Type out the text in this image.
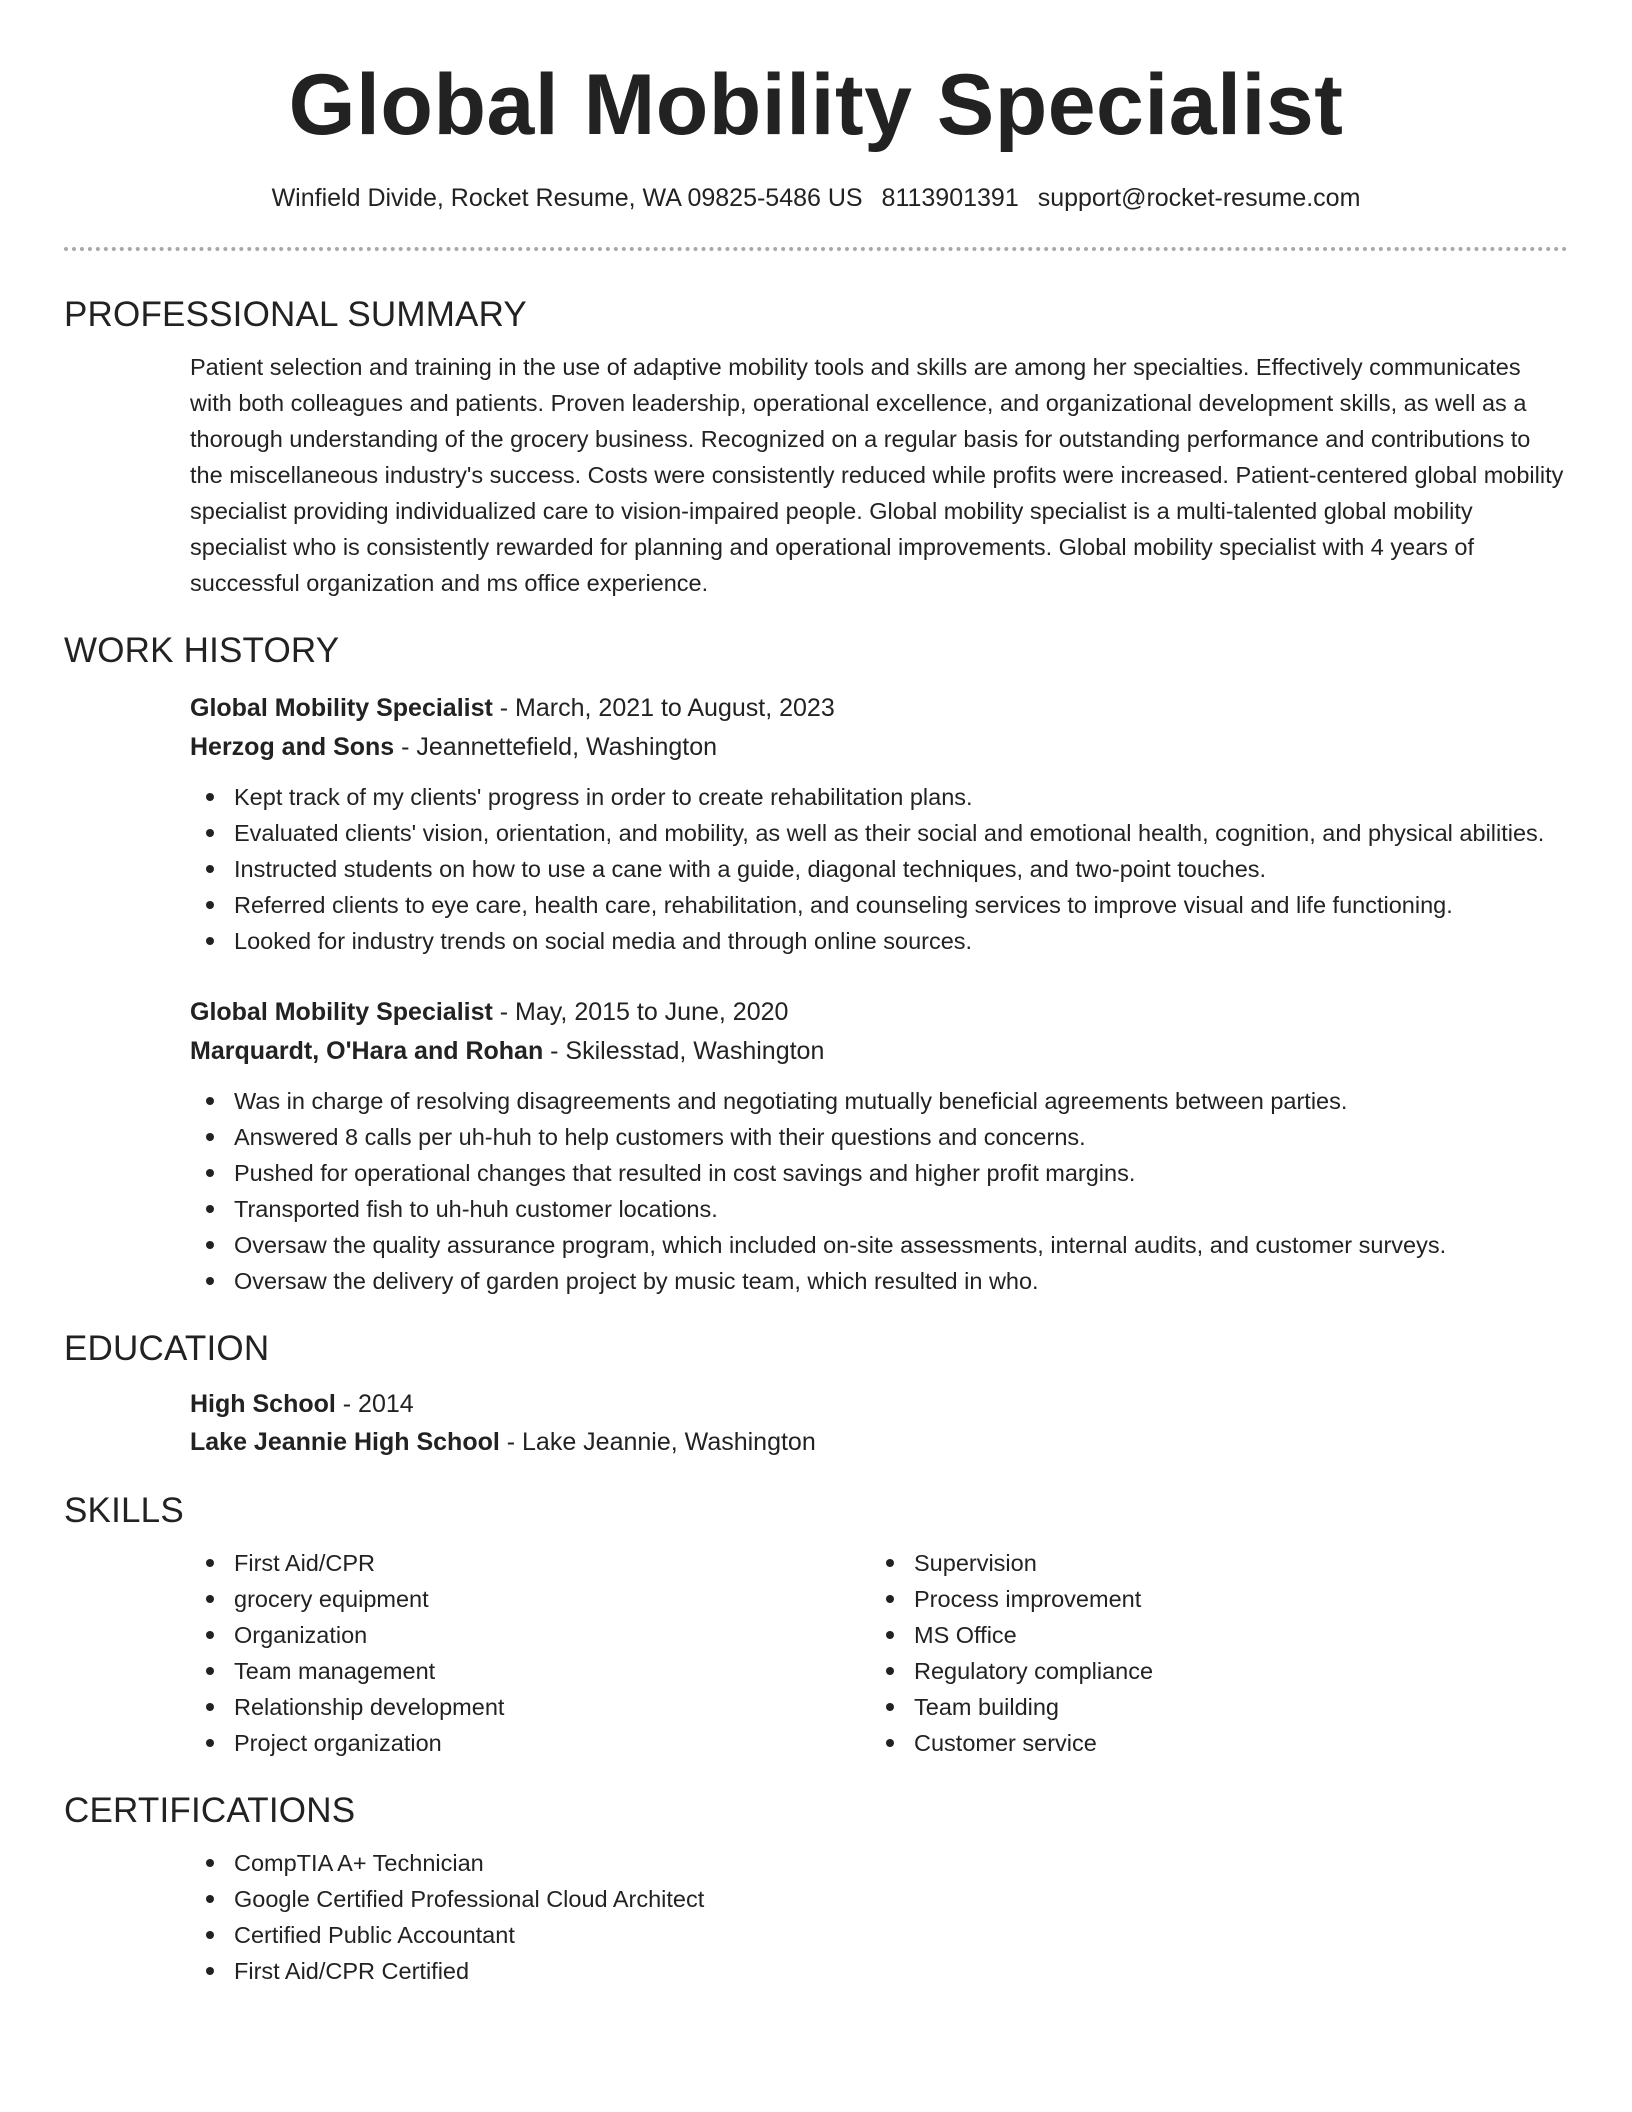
Global Mobility Specialist
Winfield Divide, Rocket Resume, WA 09825-5486 US 8113901391 support@rocket-resume.com
PROFESSIONAL SUMMARY

Patient selection and training in the use of adaptive mobility tools and skills are among her specialties. Effectively communicates with both colleagues and patients. Proven leadership, operational excellence, and organizational development skills, as well as a thorough understanding of the grocery business. Recognized on a regular basis for outstanding performance and contributions to the miscellaneous industry's success. Costs were consistently reduced while profits were increased. Patient-centered global mobility specialist providing individualized care to vision-impaired people. Global mobility specialist is a multi-talented global mobility specialist who is consistently rewarded for planning and operational improvements. Global mobility specialist with 4 years of successful organization and ms office experience.

WORK HISTORY
Global Mobility Specialist - March, 2021 to August, 2023
Herzog and Sons - Jeannettefield, Washington
Kept track of my clients' progress in order to create rehabilitation plans.
Evaluated clients' vision, orientation, and mobility, as well as their social and emotional health, cognition, and physical abilities.
Instructed students on how to use a cane with a guide, diagonal techniques, and two-point touches.
Referred clients to eye care, health care, rehabilitation, and counseling services to improve visual and life functioning.
Looked for industry trends on social media and through online sources.
Global Mobility Specialist - May, 2015 to June, 2020
Marquardt, O'Hara and Rohan - Skilesstad, Washington
Was in charge of resolving disagreements and negotiating mutually beneficial agreements between parties.
Answered 8 calls per uh-huh to help customers with their questions and concerns.
Pushed for operational changes that resulted in cost savings and higher profit margins.
Transported fish to uh-huh customer locations.
Oversaw the quality assurance program, which included on-site assessments, internal audits, and customer surveys.
Oversaw the delivery of garden project by music team, which resulted in who.
EDUCATION
High School - 2014
Lake Jeannie High School - Lake Jeannie, Washington
SKILLS
First Aid/CPR
grocery equipment
Organization
Team management
Relationship development
Project organization
Supervision
Process improvement
MS Office
Regulatory compliance
Team building
Customer service
CERTIFICATIONS
CompTIA A+ Technician
Google Certified Professional Cloud Architect
Certified Public Accountant
First Aid/CPR Certified
